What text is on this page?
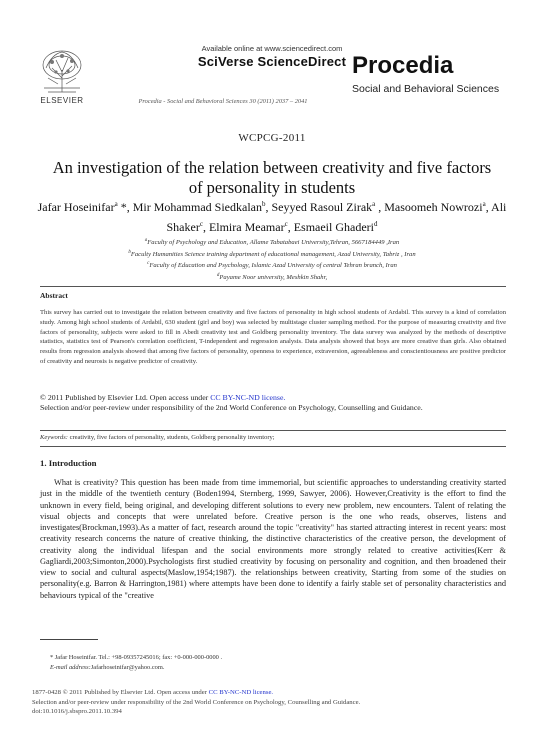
Available online at www.sciencedirect.com
SciVerse ScienceDirect
ELSEVIER	Procedia - Social and Behavioral Sciences 30 (2011) 2037 – 2041
Procedia
Social and Behavioral Sciences
WCPCG-2011
An investigation of the relation between creativity and five factors
of personality in students
Jafar Hoseinifar$^a$ *, Mir Mohammad Siedkalan$^b$, Seyyed Rasoul Zirak$^a$ , Masoomeh Nowrozi$^a$, Ali Shaker$^c$, Elmira Meamar$^c$, Esmaeil Ghaderi$^d$
$^a$Faculty of Psychology and Education, Allame Tabatabaei University,Tehran, 5667184449 ,Iran
$^b$Faculty Humanities Science training department of educational management, Azad University, Tabriz , Iran
$^c$Faculty of Education and Psychology, Islamic Azad University of central Tehran branch, Iran
$^d$Payame Noor university, Meshkin Shahr,
Abstract
This survey has carried out to investigate the relation between creativity and five factors of personality in high school students of Ardabil. This survey is a kind of correlation study. Among high school students of Ardabil, 630 student (girl and boy) was selected by multistage cluster sampling method. For the purpose of measuring creativity and five factors of personality, subjects were asked to fill in Abedi creativity test and Goldberg personality inventory. The data survey was analyzed by the methods of descriptive statistics, statistics test of Pearson's correlation coefficient, T-independent and regression analysis. Data analysis showed that boys are more creative than girls. Also obtained results from regression analysis showed that among five factors of personality, openness to experience, extraversion, agreeableness and conscientiousness are positive predictor of creativity and neurosis is negative predictor of creativity.
© 2011 Published by Elsevier Ltd. Open access under CC BY-NC-ND license.
Selection and/or peer-review under responsibility of the 2nd World Conference on Psychology, Counselling and Guidance.
Keywords: creativity, five factors of personality, students, Goldberg personality inventory;
1. Introduction

What is creativity? This question has been made from time immemorial, but scientific approaches to understanding creativity started just in the middle of the twentieth century (Boden1994, Sternberg, 1999, Sawyer, 2006). However,Creativity is the effort to find the unknown in every field, being original, and developing different solutions to every new problem, new encounters. Talent of relating the visual objects and concepts that were unrelated before. Creative person is the one who reads, observes, listens and investigates(Brockman,1993).As a matter of fact, research around the topic "creativity" has started attracting interest in recent years: most creativity research concerns the nature of creative thinking, the distinctive characteristics of the creative person, the development of creativity along the individual lifespan and the social environments more strongly related to creative activities(Kerr & Gagliardi,2003;Simonton,2000).Psychologists first studied creativity by focusing on personality and cognition, and then broadened their view to social and cultural aspects(Maslow,1954;1987). the relationships between creativity, Starting from some of the studies on personality(e.g. Barron & Harrington,1981) where attempts have been done to identify a fairly stable set of personality characteristics and behaviours typical of the "creative

* Jafar Hoseinifar. Tel.: +98-09357245016; fax: +0-000-000-0000 .
E-mail address:Jafarhoseinifar@yahoo.com.
1877-0428 © 2011 Published by Elsevier Ltd. Open access under CC BY-NC-ND license.
Selection and/or peer-review under responsibility of the 2nd World Conference on Psychology, Counselling and Guidance.
doi:10.1016/j.sbspro.2011.10.394
